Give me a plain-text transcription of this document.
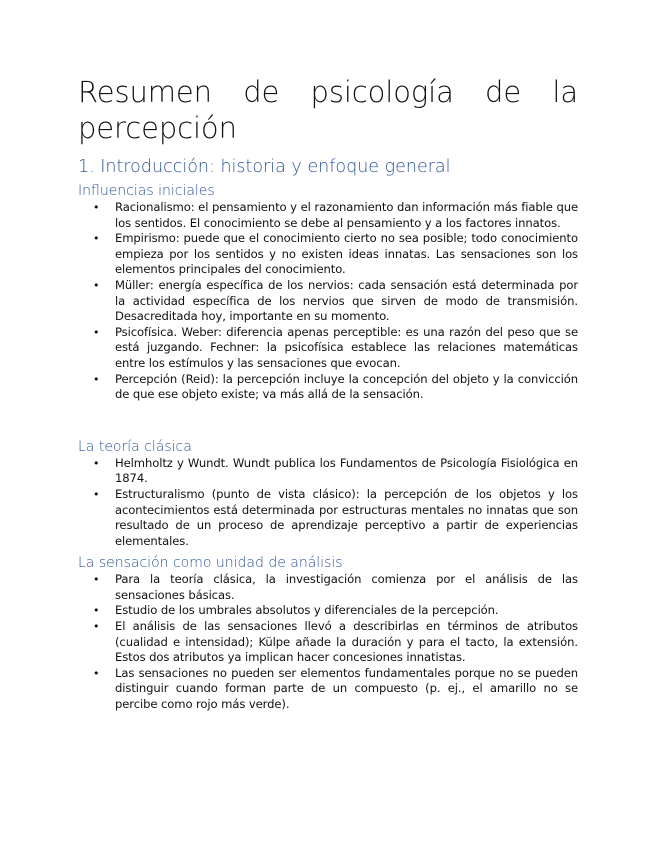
Resumen de psicología de la
percepción
1. Introducción: historia y enfoque general
Influencias iniciales
• Racionalismo: el pensamiento y el razonamiento dan información más fiable que los sentidos. El conocimiento se debe al pensamiento y a los factores innatos.
• Empirismo: puede que el conocimiento cierto no sea posible; todo conocimiento empieza por los sentidos y no existen ideas innatas. Las sensaciones son los elementos principales del conocimiento.
• Müller: energía específica de los nervios: cada sensación está determinada por la actividad específica de los nervios que sirven de modo de transmisión. Desacreditada hoy, importante en su momento.
• Psicofísica. Weber: diferencia apenas perceptible: es una razón del peso que se está juzgando. Fechner: la psicofísica establece las relaciones matemáticas entre los estímulos y las sensaciones que evocan.
• Percepción (Reid): la percepción incluye la concepción del objeto y la convicción de que ese objeto existe; va más allá de la sensación.
La teoría clásica
• Helmholtz y Wundt. Wundt publica los Fundamentos de Psicología Fisiológica en 1874.
• Estructuralismo (punto de vista clásico): la percepción de los objetos y los acontecimientos está determinada por estructuras mentales no innatas que son resultado de un proceso de aprendizaje perceptivo a partir de experiencias elementales.
La sensación como unidad de análisis
• Para la teoría clásica, la investigación comienza por el análisis de las sensaciones básicas.
• Estudio de los umbrales absolutos y diferenciales de la percepción.
• El análisis de las sensaciones llevó a describirlas en términos de atributos (cualidad e intensidad); Külpe añade la duración y para el tacto, la extensión. Estos dos atributos ya implican hacer concesiones innatistas.
• Las sensaciones no pueden ser elementos fundamentales porque no se pueden distinguir cuando forman parte de un compuesto (p. ej., el amarillo no se percibe como rojo más verde).
